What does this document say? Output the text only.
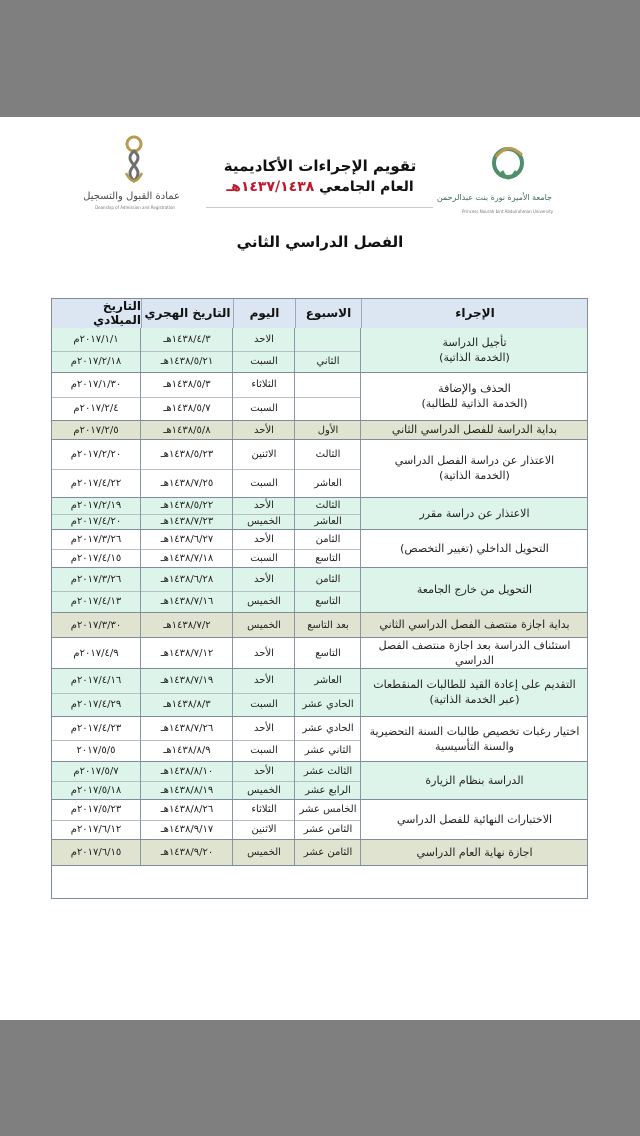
عمادة القبول والتسجيل
Deanship of Admission and Registration
تقويم الإجراءات الأكاديمية
العام الجامعي ١٤٣٧/١٤٣٨هـ
الفصل الدراسي الثاني
جامعة الأميرة نورة بنت عبدالرحمن
Princess Nourah bint Abdulrahman University
الإجراء
الاسبوع
اليوم
التاريخ الهجري
التاريخ الميلادي
تأجيل الدراسة
(الخدمة الذاتية)
الاحد
١٤٣٨/٤/٣هـ
٢٠١٧/١/١م
الثاني
السبت
١٤٣٨/٥/٢١هـ
٢٠١٧/٢/١٨م
الحذف والإضافة
(الخدمة الذاتية للطالبة)
الثلاثاء
١٤٣٨/٥/٣هـ
٢٠١٧/١/٣٠م
السبت
١٤٣٨/٥/٧هـ
٢٠١٧/٢/٤م
بداية الدراسة للفصل الدراسي الثاني
الأول
الأحد
١٤٣٨/٥/٨هـ
٢٠١٧/٢/٥م
الاعتذار عن دراسة الفصل الدراسي
(الخدمة الذاتية)
الثالث
الاثنين
١٤٣٨/٥/٢٣هـ
٢٠١٧/٢/٢٠م
العاشر
السبت
١٤٣٨/٧/٢٥هـ
٢٠١٧/٤/٢٢م
الاعتذار عن دراسة مقرر
الثالث
الأحد
١٤٣٨/٥/٢٢هـ
٢٠١٧/٢/١٩م
العاشر
الخميس
١٤٣٨/٧/٢٣هـ
٢٠١٧/٤/٢٠م
التحويل الداخلي (تغيير التخصص)
الثامن
الأحد
١٤٣٨/٦/٢٧هـ
٢٠١٧/٣/٢٦م
التاسع
السبت
١٤٣٨/٧/١٨هـ
٢٠١٧/٤/١٥م
التحويل من خارج الجامعة
الثامن
الأحد
١٤٣٨/٦/٢٨هـ
٢٠١٧/٣/٢٦م
التاسع
الخميس
١٤٣٨/٧/١٦هـ
٢٠١٧/٤/١٣م
بداية اجازة منتصف الفصل الدراسي الثاني
بعد التاسع
الخميس
١٤٣٨/٧/٢هـ
٢٠١٧/٣/٣٠م
استئناف الدراسة بعد اجازة منتصف الفصل الدراسي
التاسع
الأحد
١٤٣٨/٧/١٢هـ
٢٠١٧/٤/٩م
التقديم على إعادة القيد للطالبات المنقطعات
(عبر الخدمة الذاتية)
العاشر
الأحد
١٤٣٨/٧/١٩هـ
٢٠١٧/٤/١٦م
الحادي عشر
السبت
١٤٣٨/٨/٣هـ
٢٠١٧/٤/٢٩م
اختيار رغبات تخصيص طالبات السنة التحضيرية
والسنة التأسيسية
الحادي عشر
الأحد
١٤٣٨/٧/٢٦هـ
٢٠١٧/٤/٢٣م
الثاني عشر
السبت
١٤٣٨/٨/٩هـ
٢٠١٧/٥/٥
الدراسة بنظام الزيارة
الثالث عشر
الأحد
١٤٣٨/٨/١٠هـ
٢٠١٧/٥/٧م
الرابع عشر
الخميس
١٤٣٨/٨/١٩هـ
٢٠١٧/٥/١٨م
الاختبارات النهائية للفصل الدراسي
الخامس عشر
الثلاثاء
١٤٣٨/٨/٢٦هـ
٢٠١٧/٥/٢٣م
الثامن عشر
الاثنين
١٤٣٨/٩/١٧هـ
٢٠١٧/٦/١٢م
اجازة نهاية العام الدراسي
الثامن عشر
الخميس
١٤٣٨/٩/٢٠هـ
٢٠١٧/٦/١٥م
